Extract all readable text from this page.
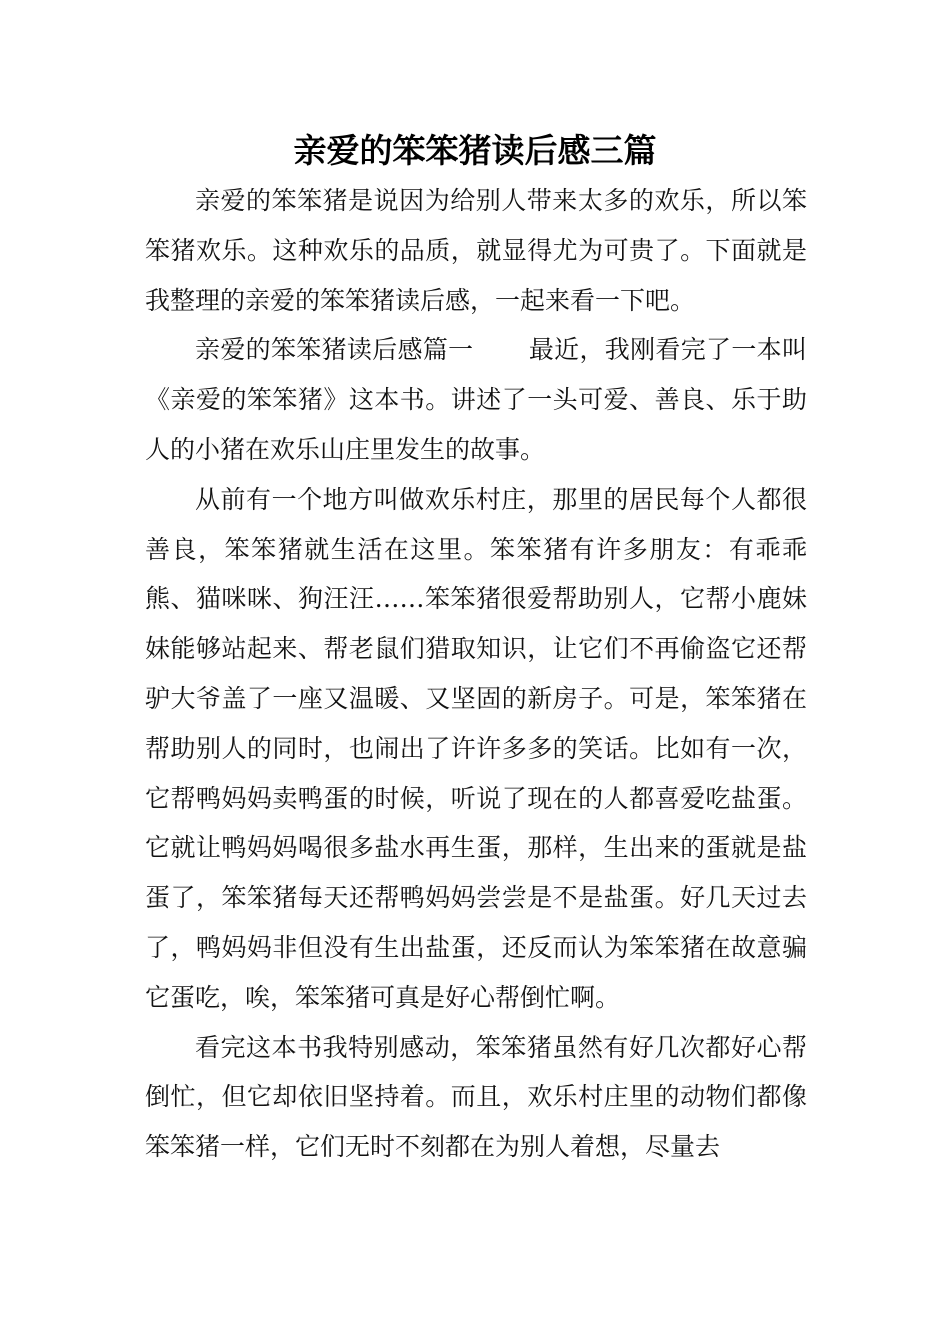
亲爱的笨笨猪读后感三篇

亲爱的笨笨猪是说因为给别人带来太多的欢乐，所以笨笨猪欢乐。这种欢乐的品质，就显得尤为可贵了。下面就是我整理的亲爱的笨笨猪读后感，一起来看一下吧。

亲爱的笨笨猪读后感篇一 最近，我刚看完了一本叫《亲爱的笨笨猪》这本书。讲述了一头可爱、善良、乐于助人的小猪在欢乐山庄里发生的故事。

从前有一个地方叫做欢乐村庄，那里的居民每个人都很善良，笨笨猪就生活在这里。笨笨猪有许多朋友：有乖乖熊、猫咪咪、狗汪汪……笨笨猪很爱帮助别人，它帮小鹿妹妹能够站起来、帮老鼠们猎取知识，让它们不再偷盗它还帮驴大爷盖了一座又温暖、又坚固的新房子。可是，笨笨猪在帮助别人的同时，也闹出了许许多多的笑话。比如有一次，它帮鸭妈妈卖鸭蛋的时候，听说了现在的人都喜爱吃盐蛋。它就让鸭妈妈喝很多盐水再生蛋，那样，生出来的蛋就是盐蛋了，笨笨猪每天还帮鸭妈妈尝尝是不是盐蛋。好几天过去了，鸭妈妈非但没有生出盐蛋，还反而认为笨笨猪在故意骗它蛋吃，唉，笨笨猪可真是好心帮倒忙啊。

看完这本书我特别感动，笨笨猪虽然有好几次都好心帮倒忙，但它却依旧坚持着。而且，欢乐村庄里的动物们都像笨笨猪一样，它们无时不刻都在为别人着想，尽量去
